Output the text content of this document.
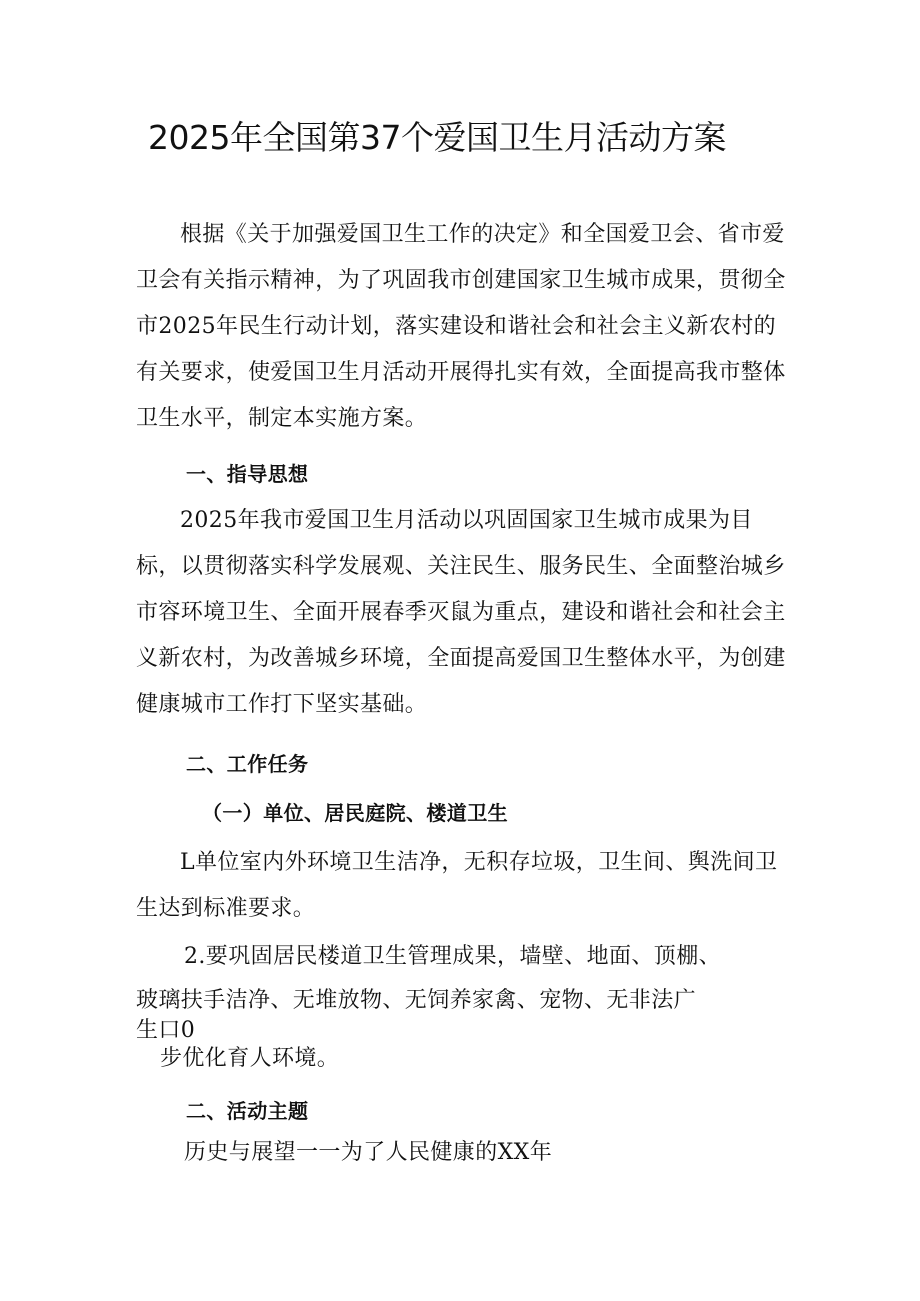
2025年全国第37个爱国卫生月活动方案

根据《关于加强爱国卫生工作的决定》和全国爱卫会、省市爱卫会有关指示精神，为了巩固我市创建国家卫生城市成果，贯彻全市2025年民生行动计划，落实建设和谐社会和社会主义新农村的有关要求，使爱国卫生月活动开展得扎实有效，全面提高我市整体卫生水平，制定本实施方案。

一、指导思想

2025年我市爱国卫生月活动以巩固国家卫生城市成果为目标，以贯彻落实科学发展观、关注民生、服务民生、全面整治城乡市容环境卫生、全面开展春季灭鼠为重点，建设和谐社会和社会主义新农村，为改善城乡环境，全面提高爱国卫生整体水平，为创建健康城市工作打下坚实基础。

二、工作任务

（一）单位、居民庭院、楼道卫生

L单位室内外环境卫生洁净，无积存垃圾，卫生间、舆洗间卫生达到标准要求。

2.要巩固居民楼道卫生管理成果，墙壁、地面、顶棚、

玻璃扶手洁净、无堆放物、无饲养家禽、宠物、无非法广

生口0

步优化育人环境。

二、活动主题

历史与展望一一为了人民健康的XX年
